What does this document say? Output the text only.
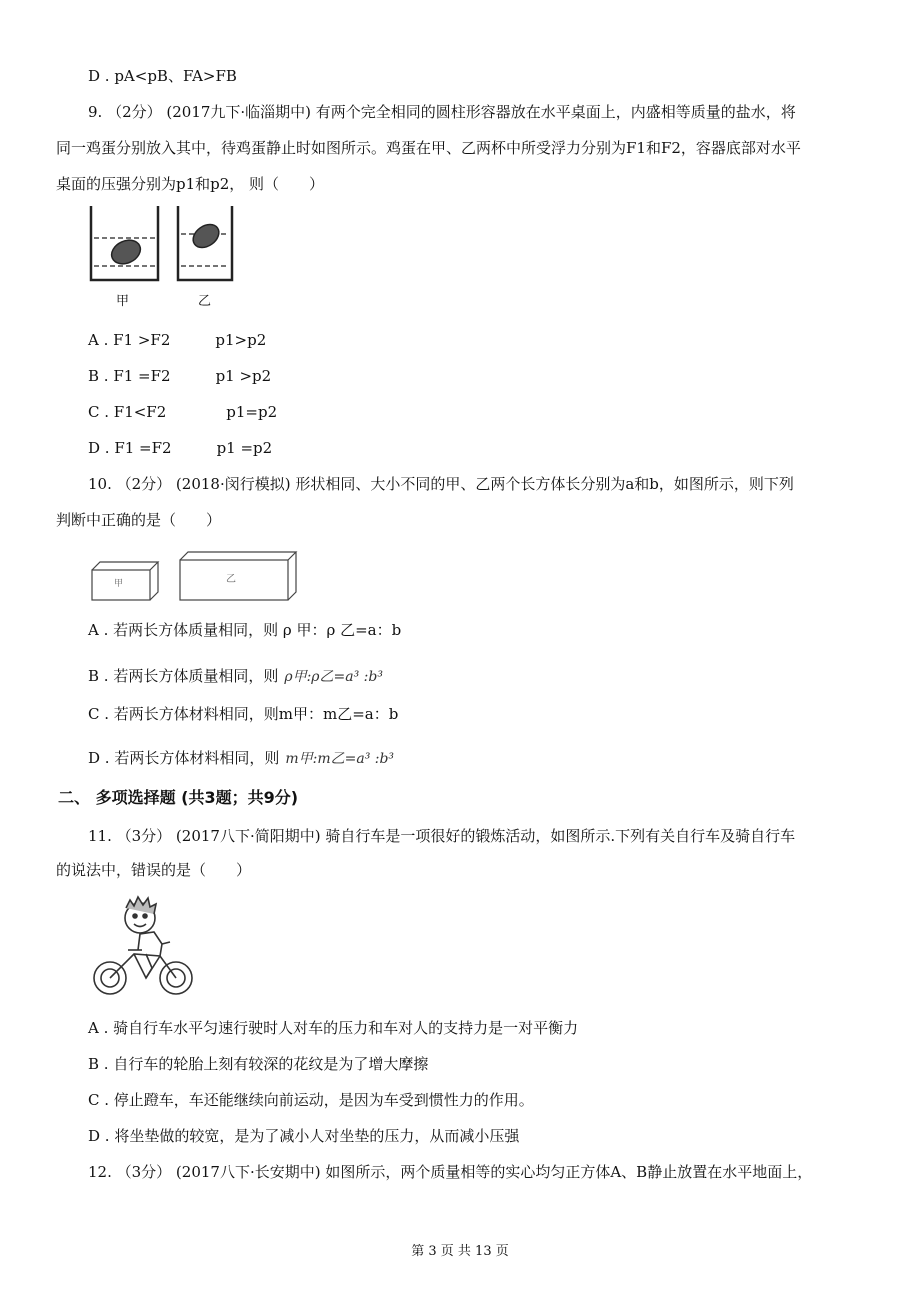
D . pA<pB、FA>FB
9. （2分） (2017九下·临淄期中) 有两个完全相同的圆柱形容器放在水平桌面上，内盛相等质量的盐水，将
同一鸡蛋分别放入其中，待鸡蛋静止时如图所示。鸡蛋在甲、乙两杯中所受浮力分别为F1和F2，容器底部对水平
桌面的压强分别为p1和p2， 则（　　）
甲	乙
A . F1 >F2　　　p1>p2
B . F1 =F2　　　p1 >p2
C . F1<F2　　　　p1=p2
D . F1 =F2　　　p1 =p2
10. （2分） (2018·闵行模拟) 形状相同、大小不同的甲、乙两个长方体长分别为a和b，如图所示，则下列
判断中正确的是（　　）
甲	乙
A . 若两长方体质量相同，则 ρ 甲：ρ 乙=a：b
B . 若两长方体质量相同，则 ρ甲:ρ乙=a³ :b³
C . 若两长方体材料相同，则m甲：m乙=a：b
D . 若两长方体材料相同，则 m甲:m乙=a³ :b³
二、 多项选择题 (共3题；共9分)
11. （3分） (2017八下·简阳期中) 骑自行车是一项很好的锻炼活动，如图所示.下列有关自行车及骑自行车
的说法中，错误的是（　　）
A . 骑自行车水平匀速行驶时人对车的压力和车对人的支持力是一对平衡力
B . 自行车的轮胎上刻有较深的花纹是为了增大摩擦
C . 停止蹬车，车还能继续向前运动，是因为车受到惯性力的作用。
D . 将坐垫做的较宽，是为了减小人对坐垫的压力，从而减小压强
12. （3分） (2017八下·长安期中) 如图所示，两个质量相等的实心均匀正方体A、B静止放置在水平地面上，
第 3 页 共 13 页
